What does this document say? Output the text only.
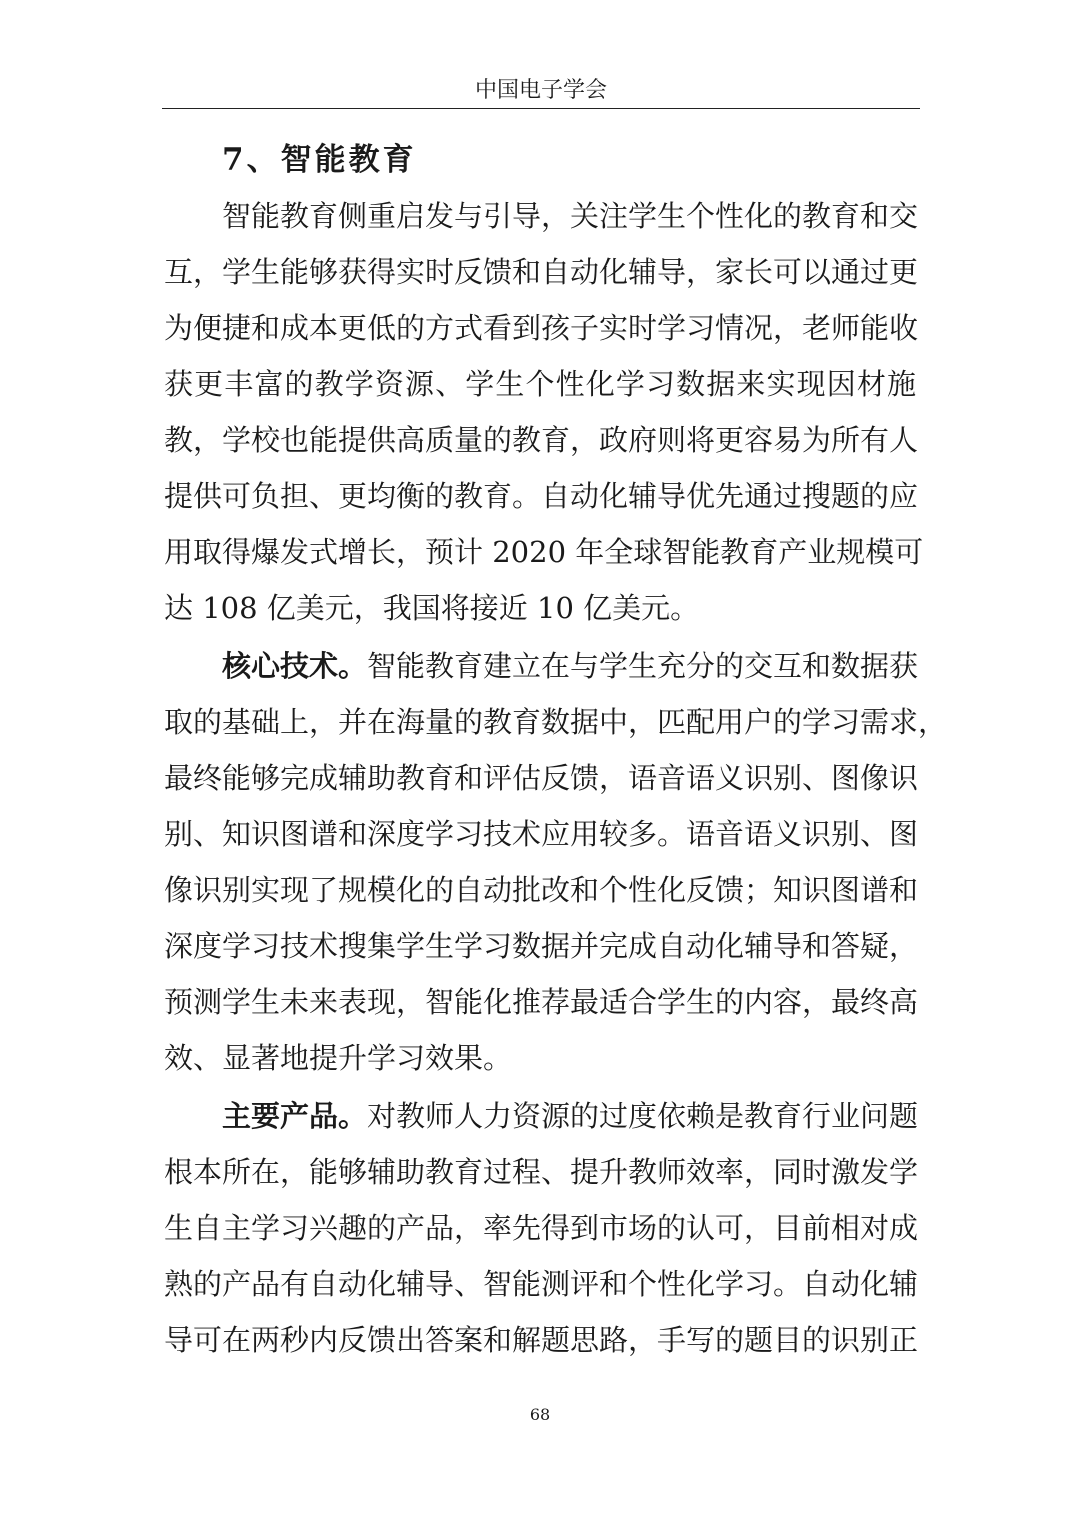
中国电子学会
7、智能教育
智能教育侧重启发与引导，关注学生个性化的教育和交
互，学生能够获得实时反馈和自动化辅导，家长可以通过更
为便捷和成本更低的方式看到孩子实时学习情况，老师能收
获更丰富的教学资源、学生个性化学习数据来实现因材施
教，学校也能提供高质量的教育，政府则将更容易为所有人
提供可负担、更均衡的教育。自动化辅导优先通过搜题的应
用取得爆发式增长，预计 2020 年全球智能教育产业规模可
达 108 亿美元，我国将接近 10 亿美元。
核心技术。智能教育建立在与学生充分的交互和数据获
取的基础上，并在海量的教育数据中，匹配用户的学习需求，
最终能够完成辅助教育和评估反馈，语音语义识别、图像识
别、知识图谱和深度学习技术应用较多。语音语义识别、图
像识别实现了规模化的自动批改和个性化反馈；知识图谱和
深度学习技术搜集学生学习数据并完成自动化辅导和答疑，
预测学生未来表现，智能化推荐最适合学生的内容，最终高
效、显著地提升学习效果。
主要产品。对教师人力资源的过度依赖是教育行业问题
根本所在，能够辅助教育过程、提升教师效率，同时激发学
生自主学习兴趣的产品，率先得到市场的认可，目前相对成
熟的产品有自动化辅导、智能测评和个性化学习。自动化辅
导可在两秒内反馈出答案和解题思路，手写的题目的识别正
68
